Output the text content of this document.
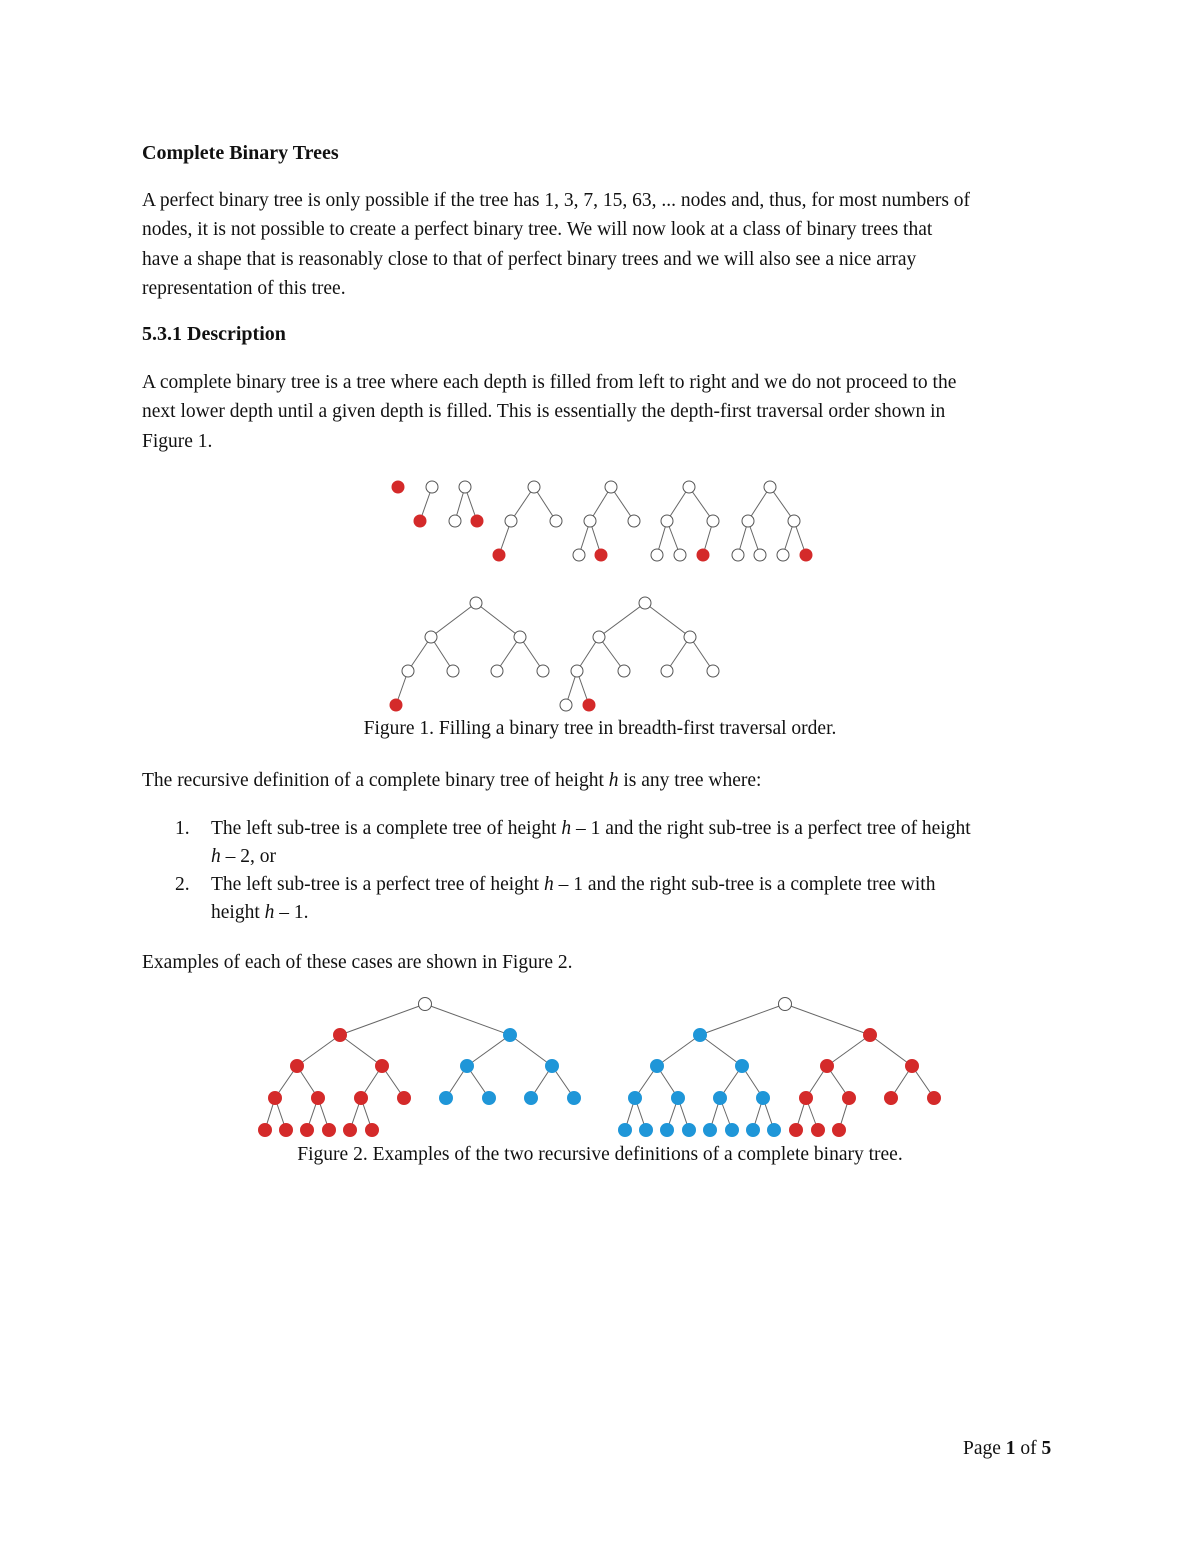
Complete Binary Trees
A perfect binary tree is only possible if the tree has 1, 3, 7, 15, 63, ... nodes and, thus, for most numbers of
nodes, it is not possible to create a perfect binary tree. We will now look at a class of binary trees that
have a shape that is reasonably close to that of perfect binary trees and we will also see a nice array
representation of this tree.
5.3.1 Description
A complete binary tree is a tree where each depth is filled from left to right and we do not proceed to the
next lower depth until a given depth is filled. This is essentially the depth-first traversal order shown in
Figure 1.
Figure 1. Filling a binary tree in breadth-first traversal order.
The recursive definition of a complete binary tree of height h is any tree where:
1. The left sub-tree is a complete tree of height h – 1 and the right sub-tree is a perfect tree of height
h – 2, or
2. The left sub-tree is a perfect tree of height h – 1 and the right sub-tree is a complete tree with
height h – 1.
Examples of each of these cases are shown in Figure 2.
Figure 2. Examples of the two recursive definitions of a complete binary tree.
Page 1 of 5
